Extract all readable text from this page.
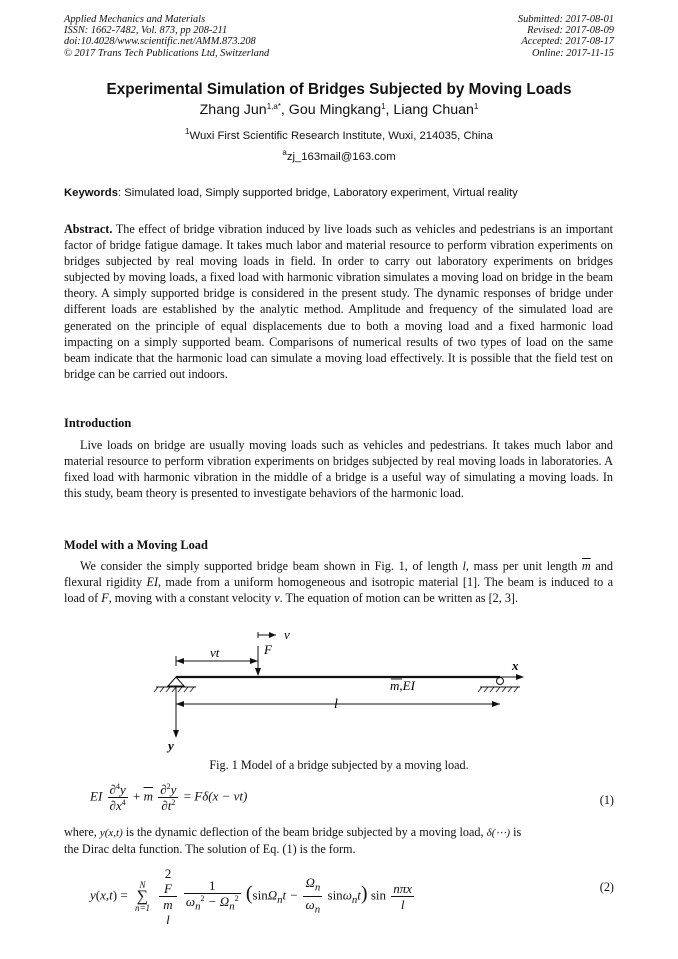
Applied Mechanics and Materials
ISSN: 1662-7482, Vol. 873, pp 208-211
doi:10.4028/www.scientific.net/AMM.873.208
© 2017 Trans Tech Publications Ltd, Switzerland
Submitted: 2017-08-01
Revised: 2017-08-09
Accepted: 2017-08-17
Online: 2017-11-15
Experimental Simulation of Bridges Subjected by Moving Loads
Zhang Jun$^{1,a*}$, Gou Mingkang$^1$, Liang Chuan$^1$
$^1$Wuxi First Scientific Research Institute, Wuxi, 214035, China
$^a$zj_163mail@163.com
Keywords: Simulated load, Simply supported bridge, Laboratory experiment, Virtual reality
Abstract. The effect of bridge vibration induced by live loads such as vehicles and pedestrians is an important factor of bridge fatigue damage. It takes much labor and material resource to perform vibration experiments on bridges subjected by real moving loads in field. In order to carry out laboratory experiments on bridges subjected by moving loads, a fixed load with harmonic vibration simulates a moving load on bridge in the beam theory. A simply supported bridge is considered in the present study. The dynamic responses of bridge under different loads are established by the analytic method. Amplitude and frequency of the simulated load are generated on the principle of equal displacements due to both a moving load and a fixed harmonic load impacting on a simply supported beam. Comparisons of numerical results of two types of load on the same beam indicate that the harmonic load can simulate a moving load effectively. It is possible that the field test on bridge can be carried out indoors.
Introduction
Live loads on bridge are usually moving loads such as vehicles and pedestrians. It takes much labor and material resource to perform vibration experiments on bridges subjected by real moving loads in laboratories. A fixed load with harmonic vibration in the middle of a bridge is a useful way of simulating a moving loads. In this study, beam theory is presented to investigate behaviors of the harmonic load.
Model with a Moving Load
We consider the simply supported bridge beam shown in Fig. 1, of length l, mass per unit length $\overline{m}$ and flexural rigidity EI, made from a uniform homogeneous and isotropic material [1]. The beam is induced to a load of F, moving with a constant velocity v. The equation of motion can be written as [2, 3].
v
F
vt
x
m,EI
l
y
Fig. 1 Model of a bridge subjected by a moving load.
EI $\frac{\partial^4y}{\partial x^4} + \overline{m} \frac{\partial^2y}{\partial t^2} = F\delta(x - vt)$	(1)
where, y(x,t) is the dynamic deflection of the beam bridge subjected by a moving load, δ(⋯) is
the Dirac delta function. The solution of Eq. (1) is the form.
y(x,t) =
N
∑
n=1
2
F
$\overline{m}$
l
$\frac{1}{\omega_n^2 - \Omega_n^2} (\sin\Omega_nt - \frac{\Omega_n}{\omega_n} \sin\omega_nt)$ $\sin \frac{\text{nπx}}{l}$	(2)
